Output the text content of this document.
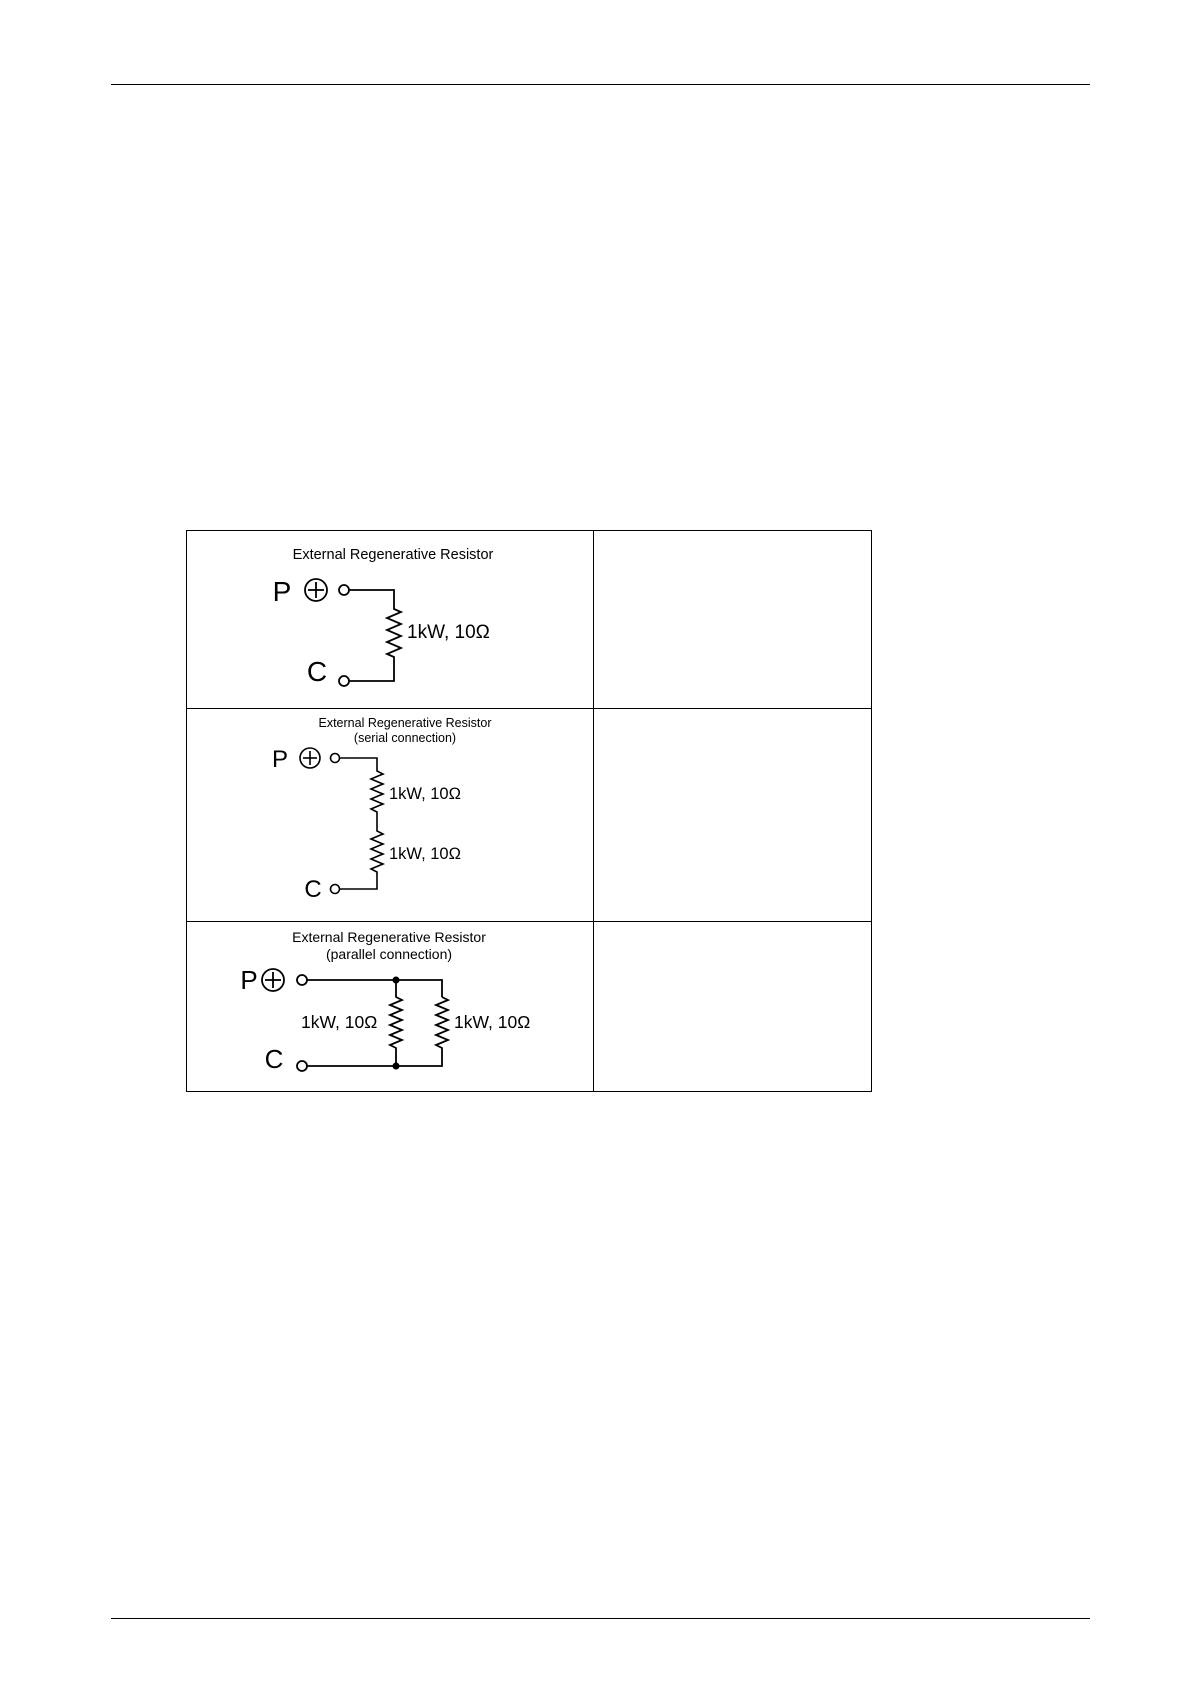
External Regenerative Resistor
P
C
1kW, 10Ω
External Regenerative Resistor
(serial connection)
P
C
1kW, 10Ω
1kW, 10Ω
External Regenerative Resistor
(parallel connection)
P
C
1kW, 10Ω	1kW, 10Ω
